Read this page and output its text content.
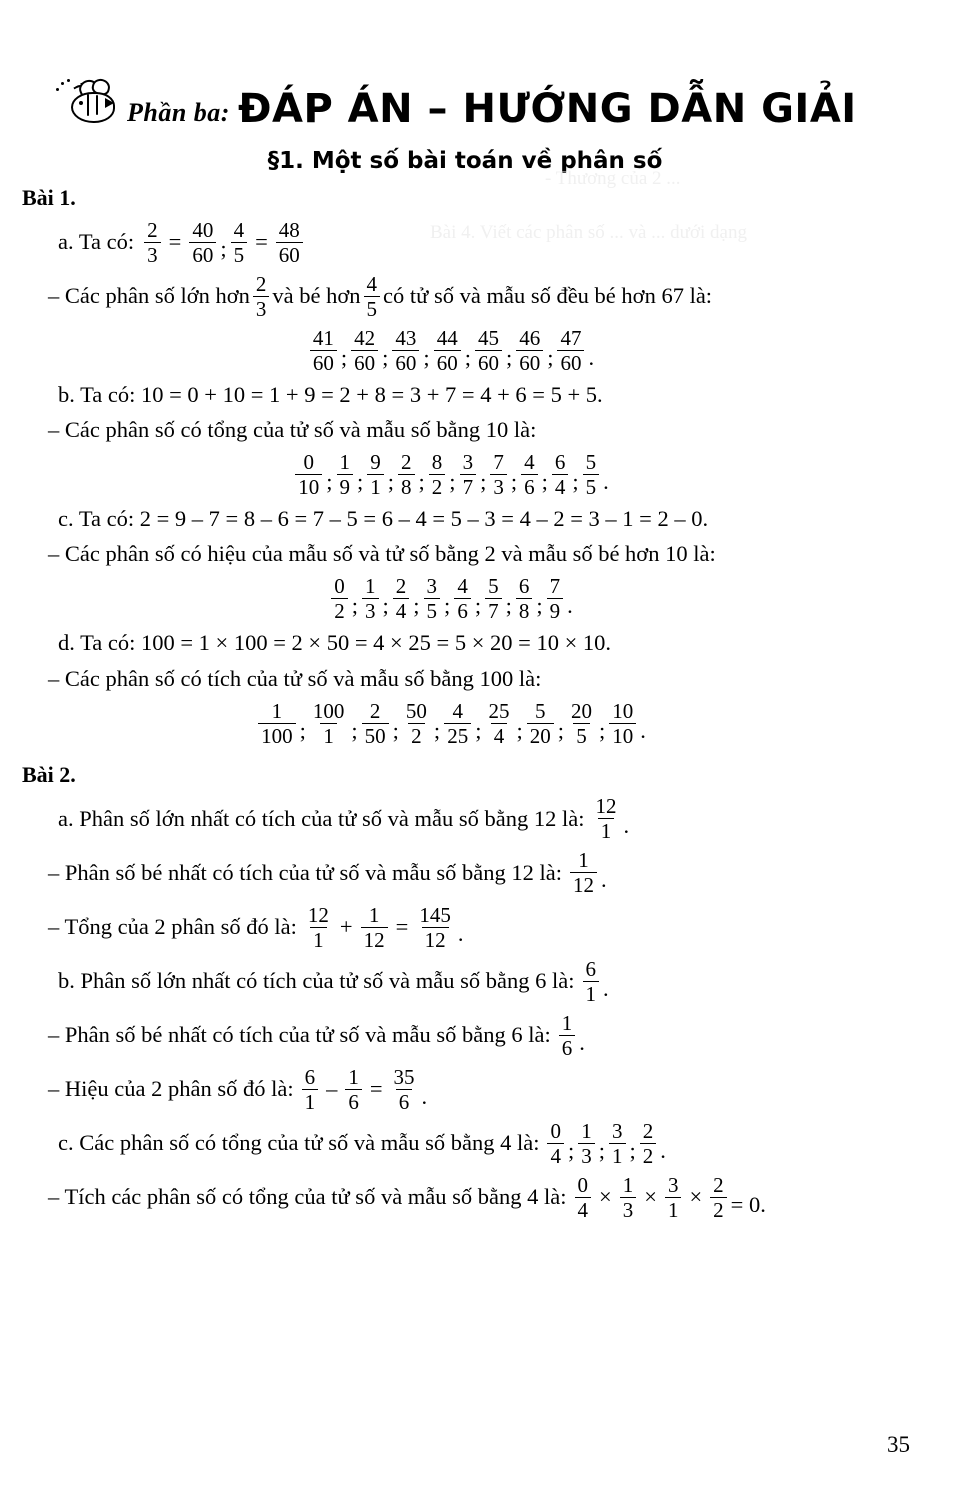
- Thương của 2 ...
Bài 4. Viết các phân số ... và ... dưới dạng
Phần ba: ĐÁP ÁN – HƯỚNG DẪN GIẢI
§1. Một số bài toán về phân số
Bài 1.
a. Ta có: $\frac{2}{3} = \frac{40}{60}$ ; $\frac{4}{5} = \frac{48}{60}$
– Các phân số lớn hơn $\frac{2}{3}$ và bé hơn $\frac{4}{5}$ có tử số và mẫu số đều bé hơn 67 là:
$\frac{41}{60}$ ; $\frac{42}{60}$ ; $\frac{43}{60}$ ; $\frac{44}{60}$ ; $\frac{45}{60}$ ; $\frac{46}{60}$ ; $\frac{47}{60}$ .
b. Ta có: 10 = 0 + 10 = 1 + 9 = 2 + 8 = 3 + 7 = 4 + 6 = 5 + 5.
– Các phân số có tổng của tử số và mẫu số bằng 10 là:
$\frac{0}{10}$ ; $\frac{1}{9}$ ; $\frac{9}{1}$ ; $\frac{2}{8}$ ; $\frac{8}{2}$ ; $\frac{3}{7}$ ; $\frac{7}{3}$ ; $\frac{4}{6}$ ; $\frac{6}{4}$ ; $\frac{5}{5}$ .
c. Ta có: 2 = 9 – 7 = 8 – 6 = 7 – 5 = 6 – 4 = 5 – 3 = 4 – 2 = 3 – 1 = 2 – 0.
– Các phân số có hiệu của mẫu số và tử số bằng 2 và mẫu số bé hơn 10 là:
$\frac{0}{2}$ ; $\frac{1}{3}$ ; $\frac{2}{4}$ ; $\frac{3}{5}$ ; $\frac{4}{6}$ ; $\frac{5}{7}$ ; $\frac{6}{8}$ ; $\frac{7}{9}$ .
d. Ta có: 100 = 1 × 100 = 2 × 50 = 4 × 25 = 5 × 20 = 10 × 10.
– Các phân số có tích của tử số và mẫu số bằng 100 là:
$\frac{1}{100}$ ; $\frac{100}{1}$ ; $\frac{2}{50}$ ; $\frac{50}{2}$ ; $\frac{4}{25}$ ; $\frac{25}{4}$ ; $\frac{5}{20}$ ; $\frac{20}{5}$ ; $\frac{10}{10}$ .
Bài 2.
a. Phân số lớn nhất có tích của tử số và mẫu số bằng 12 là: $\frac{12}{1}$ .
– Phân số bé nhất có tích của tử số và mẫu số bằng 12 là: $\frac{1}{12}$ .
– Tổng của 2 phân số đó là: $\frac{12}{1} + \frac{1}{12} = \frac{145}{12}$ .
b. Phân số lớn nhất có tích của tử số và mẫu số bằng 6 là: $\frac{6}{1}$ .
– Phân số bé nhất có tích của tử số và mẫu số bằng 6 là: $\frac{1}{6}$ .
– Hiệu của 2 phân số đó là: $\frac{6}{1} - \frac{1}{6} = \frac{35}{6}$ .
c. Các phân số có tổng của tử số và mẫu số bằng 4 là: $\frac{0}{4}$ ; $\frac{1}{3}$ ; $\frac{3}{1}$ ; $\frac{2}{2}$ .
– Tích các phân số có tổng của tử số và mẫu số bằng 4 là: $\frac{0}{4} \times \frac{1}{3} \times \frac{3}{1} \times \frac{2}{2} = 0$.
35
